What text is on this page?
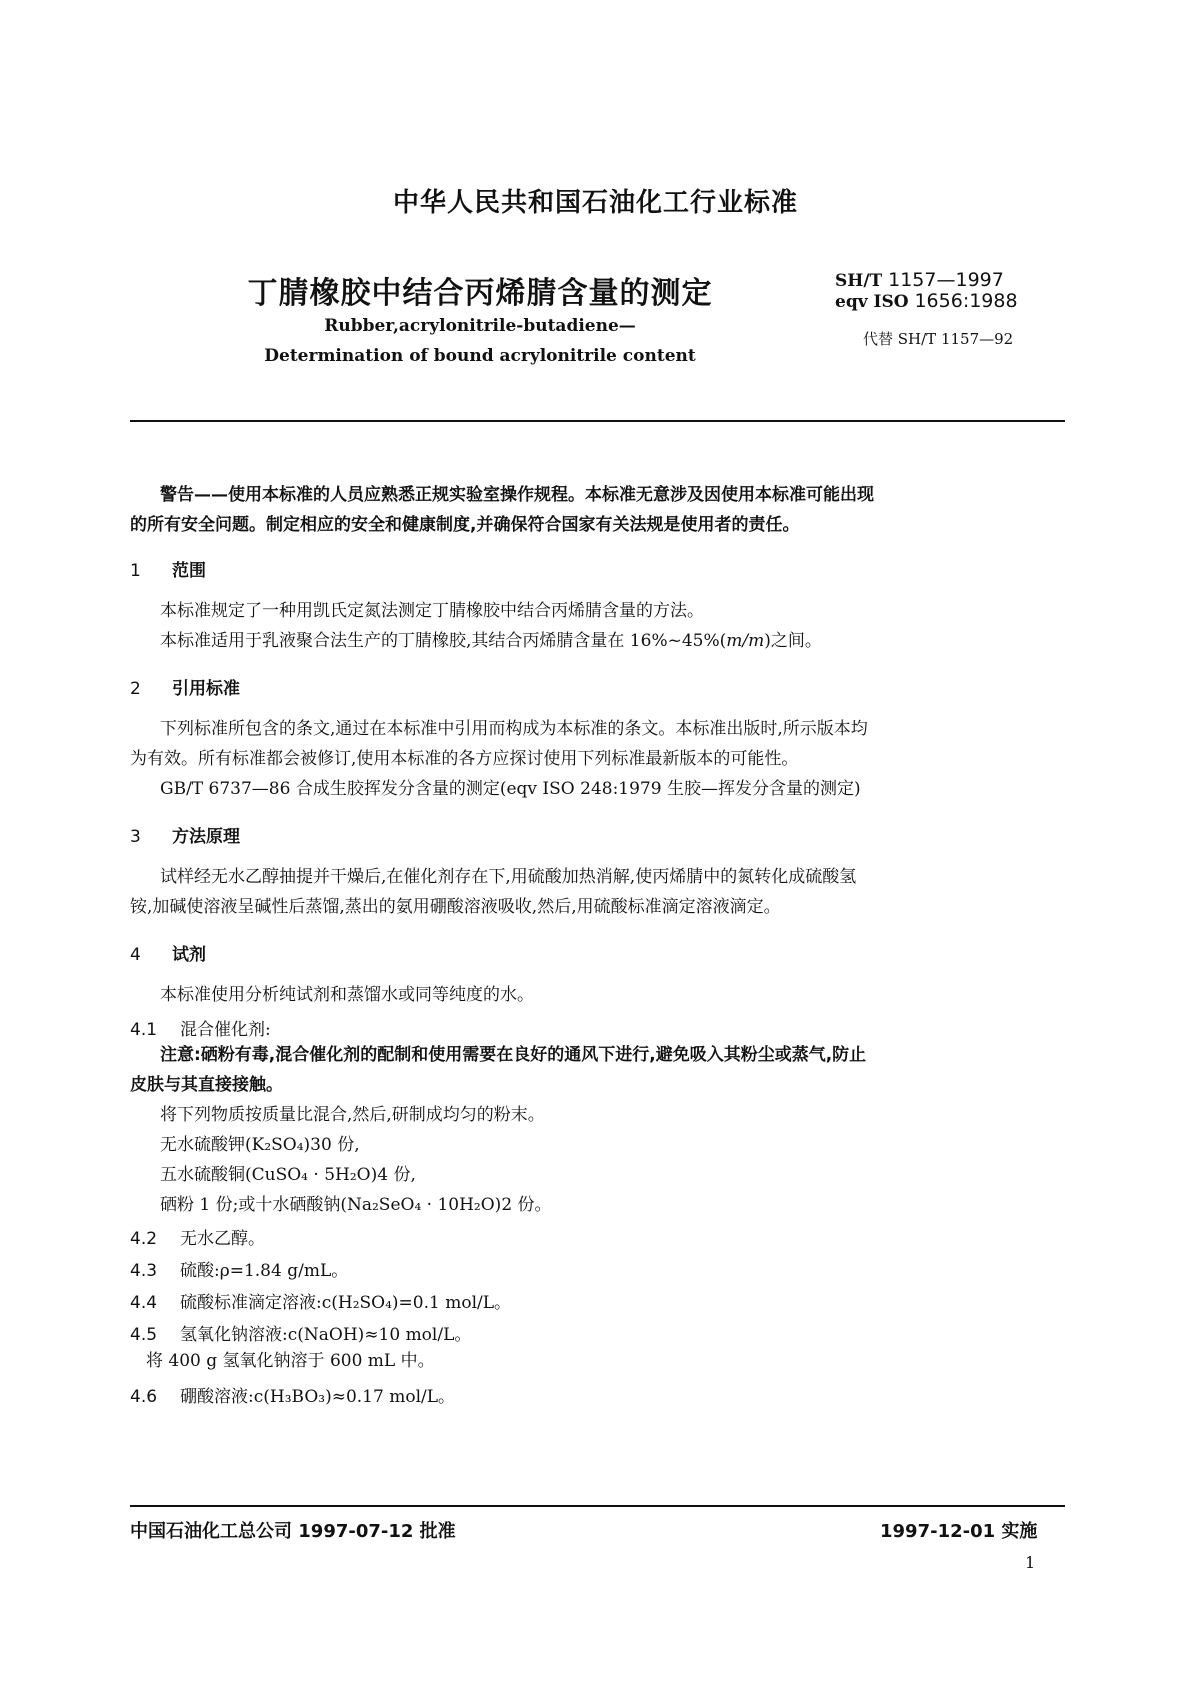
中华人民共和国石油化工行业标准
丁腈橡胶中结合丙烯腈含量的测定	SH/T 1157—1997
eqv ISO 1656:1988
代替 SH/T 1157—92
Rubber,acrylonitrile-butadiene—
Determination of bound acrylonitrile content
警告——使用本标准的人员应熟悉正规实验室操作规程。本标准无意涉及因使用本标准可能出现
的所有安全问题。制定相应的安全和健康制度,并确保符合国家有关法规是使用者的责任。
1 范围
本标准规定了一种用凯氏定氮法测定丁腈橡胶中结合丙烯腈含量的方法。
本标准适用于乳液聚合法生产的丁腈橡胶,其结合丙烯腈含量在 16%~45%(m/m)之间。
2 引用标准
下列标准所包含的条文,通过在本标准中引用而构成为本标准的条文。本标准出版时,所示版本均
为有效。所有标准都会被修订,使用本标准的各方应探讨使用下列标准最新版本的可能性。
GB/T 6737—86 合成生胶挥发分含量的测定(eqv ISO 248:1979 生胶—挥发分含量的测定)
3 方法原理
试样经无水乙醇抽提并干燥后,在催化剂存在下,用硫酸加热消解,使丙烯腈中的氮转化成硫酸氢
铵,加碱使溶液呈碱性后蒸馏,蒸出的氨用硼酸溶液吸收,然后,用硫酸标准滴定溶液滴定。
4 试剂
本标准使用分析纯试剂和蒸馏水或同等纯度的水。
4.1 混合催化剂:
注意:硒粉有毒,混合催化剂的配制和使用需要在良好的通风下进行,避免吸入其粉尘或蒸气,防止
皮肤与其直接接触。
将下列物质按质量比混合,然后,研制成均匀的粉末。
无水硫酸钾(K₂SO₄)30 份,
五水硫酸铜(CuSO₄ · 5H₂O)4 份,
硒粉 1 份;或十水硒酸钠(Na₂SeO₄ · 10H₂O)2 份。
4.2 无水乙醇。
4.3 硫酸:ρ=1.84 g/mL。
4.4 硫酸标准滴定溶液:c(H₂SO₄)=0.1 mol/L。
4.5 氢氧化钠溶液:c(NaOH)≈10 mol/L。
将 400 g 氢氧化钠溶于 600 mL 中。
4.6 硼酸溶液:c(H₃BO₃)≈0.17 mol/L。
中国石油化工总公司 1997-07-12 批准	1997-12-01 实施
1
